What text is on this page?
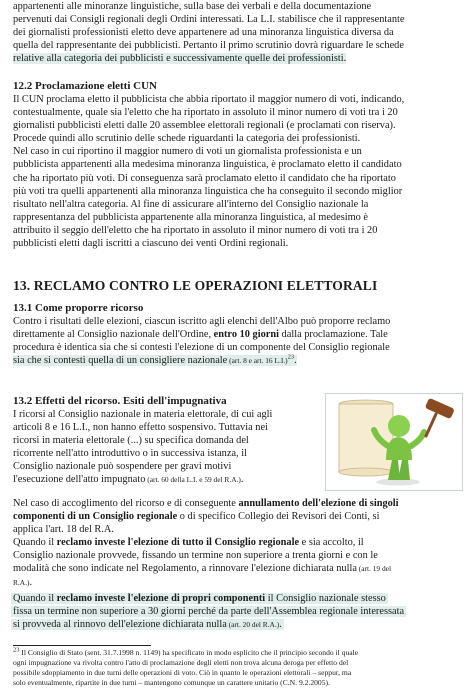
appartenenti alle minoranze linguistiche, sulla base dei verbali e della documentazione

pervenuti dai Consigli regionali degli Ordini interessati. La L.I. stabilisce che il rappresentante

dei giornalisti professionisti eletto deve appartenere ad una minoranza linguistica diversa da

quella del rappresentante dei pubblicisti. Pertanto il primo scrutinio dovrà riguardare le schede

relative alla categoria dei pubblicisti e successivamente quelle dei professionisti.

12.2 Proclamazione eletti CUN

Il CUN proclama eletto il pubblicista che abbia riportato il maggior numero di voti, indicando,

contestualmente, quale sia l'eletto che ha riportato in assoluto il minor numero di voti tra i 20

giornalisti pubblicisti eletti dalle 20 assemblee elettorali regionali (e proclamati con riserva).

Procede quindi allo scrutinio delle schede riguardanti la categoria dei professionisti.

Nel caso in cui riportino il maggior numero di voti un giornalista professionista e un

pubblicista appartenenti alla medesima minoranza linguistica, è proclamato eletto il candidato

che ha riportato più voti. Di conseguenza sarà proclamato eletto il candidato che ha riportato

più voti tra quelli appartenenti alla minoranza linguistica che ha conseguito il secondo miglior

risultato nell'altra categoria. Al fine di assicurare all'interno del Consiglio nazionale la

rappresentanza del pubblicista appartenente alla minoranza linguistica, al medesimo è

attribuito il seggio dell'eletto che ha riportato in assoluto il minor numero di voti tra i 20

pubblicisti eletti dagli iscritti a ciascuno dei venti Ordini regionali.

13. RECLAMO CONTRO LE OPERAZIONI ELETTORALI
13.1 Come proporre ricorso

Contro i risultati delle elezioni, ciascun iscritto agli elenchi dell'Albo può proporre reclamo

direttamente al Consiglio nazionale dell'Ordine, entro 10 giorni dalla proclamazione. Tale

procedura è identica sia che si contesti l'elezione di un componente del Consiglio regionale

sia che si contesti quella di un consigliere nazionale (art. 8 e art. 16 L.I.)$^{23}$.

13.2 Effetti del ricorso. Esiti dell'impugnativa

I ricorsi al Consiglio nazionale in materia elettorale, di cui agli

articoli 8 e 16 L.I., non hanno effetto sospensivo. Tuttavia nei

ricorsi in materia elettorale (...) su specifica domanda del

ricorrente nell'atto introduttivo o in successiva istanza, il

Consiglio nazionale può sospendere per gravi motivi

l'esecuzione dell'atto impugnato (art. 60 della L.I. e 59 del R.A.).

Nel caso di accoglimento del ricorso e di conseguente annullamento dell'elezione di singoli

componenti di un Consiglio regionale o di specifico Collegio dei Revisori dei Conti, si

applica l'art. 18 del R.A.

Quando il reclamo investe l'elezione di tutto il Consiglio regionale e sia accolto, il

Consiglio nazionale provvede, fissando un termine non superiore a trenta giorni e con le

modalità che sono indicate nel Regolamento, a rinnovare l'elezione dichiarata nulla (art. 19 del

R.A.).

Quando il reclamo investe l'elezione di propri componenti il Consiglio nazionale stesso

fissa un termine non superiore a 30 giorni perché da parte dell'Assemblea regionale interessata

si provveda al rinnovo dell'elezione dichiarata nulla (art. 20 del R.A.).

$^{23}$ Il Consiglio di Stato (sent. 31.7.1998 n. 1149) ha specificato in modo esplicito che il principio secondo il quale
ogni impugnazione va rivolta contro l'atto di proclamazione degli eletti non trova alcuna deroga per effetto del
possibile sdoppiamento in due turni delle operazioni di voto. Ciò in quanto le operazioni elettorali – seppur, ma
solo eventualmente, ripartite in due turni – mantengono comunque un carattere unitario (C.N. 9.2.2005).
